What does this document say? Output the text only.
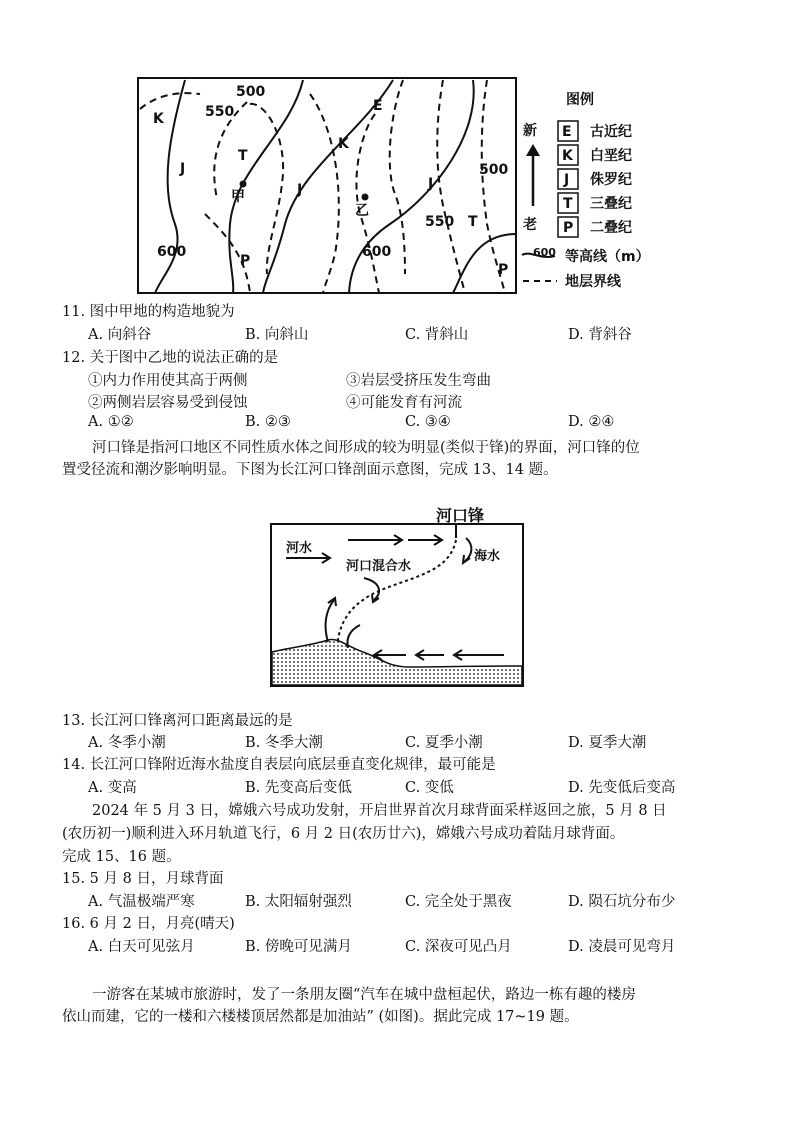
K
J
T
甲
P
550
500
600
E
K
J
乙
600
J
500
550 T
P
图例
新
老
E 古近纪
K 白垩纪
J 侏罗纪
T 三叠纪
P 二叠纪
600 等高线（m）
地层界线
11. 图中甲地的构造地貌为
A. 向斜谷	B. 向斜山	C. 背斜山	D. 背斜谷
12. 关于图中乙地的说法正确的是
①内力作用使其高于两侧	③岩层受挤压发生弯曲
②两侧岩层容易受到侵蚀	④可能发育有河流
A. ①②	B. ②③	C. ③④	D. ②④
河口锋是指河口地区不同性质水体之间形成的较为明显(类似于锋)的界面，河口锋的位
置受径流和潮汐影响明显。下图为长江河口锋剖面示意图，完成 13、14 题。
河口锋
河水
海水
河口混合水
13. 长江河口锋离河口距离最远的是
A. 冬季小潮	B. 冬季大潮	C. 夏季小潮	D. 夏季大潮
14. 长江河口锋附近海水盐度自表层向底层垂直变化规律，最可能是
A. 变高	B. 先变高后变低	C. 变低	D. 先变低后变高
2024 年 5 月 3 日，嫦娥六号成功发射，开启世界首次月球背面采样返回之旅，5 月 8 日
(农历初一)顺利进入环月轨道飞行，6 月 2 日(农历廿六)，嫦娥六号成功着陆月球背面。
完成 15、16 题。
15. 5 月 8 日，月球背面
A. 气温极端严寒	B. 太阳辐射强烈	C. 完全处于黑夜	D. 陨石坑分布少
16. 6 月 2 日，月亮(晴天)
A. 白天可见弦月	B. 傍晚可见满月	C. 深夜可见凸月	D. 凌晨可见弯月
一游客在某城市旅游时，发了一条朋友圈“汽车在城中盘桓起伏，路边一栋有趣的楼房
依山而建，它的一楼和六楼楼顶居然都是加油站” (如图)。据此完成 17~19 题。
